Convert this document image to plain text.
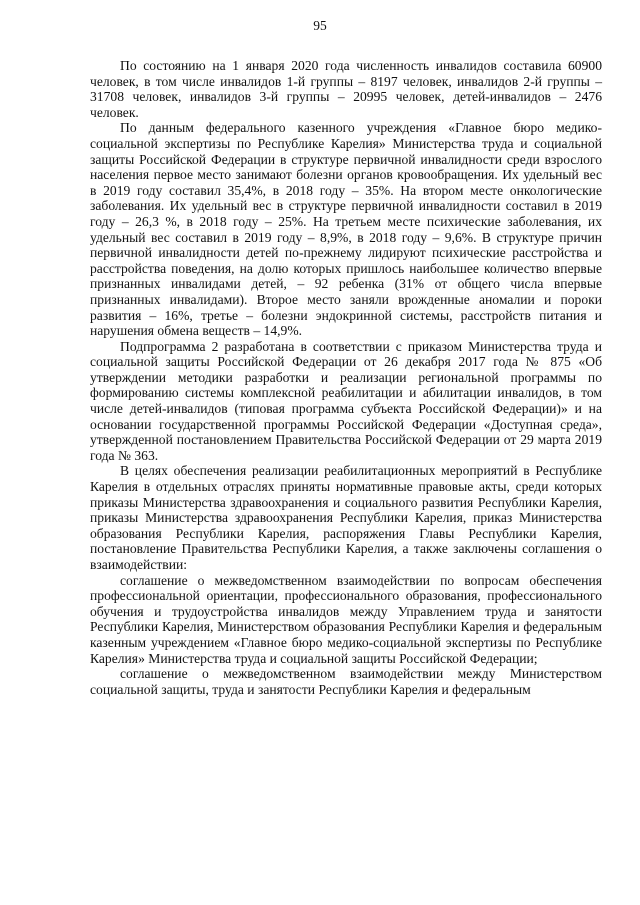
95

По состоянию на 1 января 2020 года численность инвалидов составила 60900 человек, в том числе инвалидов 1-й группы – 8197 человек, инвалидов 2-й группы – 31708 человек, инвалидов 3-й группы – 20995 человек, детей-инвалидов – 2476 человек.

По данным федерального казенного учреждения «Главное бюро медико-социальной экспертизы по Республике Карелия» Министерства труда и социальной защиты Российской Федерации в структуре первичной инвалидности среди взрослого населения первое место занимают болезни органов кровообращения. Их удельный вес в 2019 году составил 35,4%, в 2018 году – 35%. На втором месте онкологические заболевания. Их удельный вес в структуре первичной инвалидности составил в 2019 году – 26,3 %, в 2018 году – 25%. На третьем месте психические заболевания, их удельный вес составил в 2019 году – 8,9%, в 2018 году – 9,6%. В структуре причин первичной инвалидности детей по-прежнему лидируют психические расстройства и расстройства поведения, на долю которых пришлось наибольшее количество впервые признанных инвалидами детей, – 92 ребенка (31% от общего числа впервые признанных инвалидами). Второе место заняли врожденные аномалии и пороки развития – 16%, третье – болезни эндокринной системы, расстройств питания и нарушения обмена веществ – 14,9%.

Подпрограмма 2 разработана в соответствии с приказом Министерства труда и социальной защиты Российской Федерации от 26 декабря 2017 года № 875 «Об утверждении методики разработки и реализации региональной программы по формированию системы комплексной реабилитации и абилитации инвалидов, в том числе детей-инвалидов (типовая программа субъекта Российской Федерации)» и на основании государственной программы Российской Федерации «Доступная среда», утвержденной постановлением Правительства Российской Федерации от 29 марта 2019 года № 363.

В целях обеспечения реализации реабилитационных мероприятий в Республике Карелия в отдельных отраслях приняты нормативные правовые акты, среди которых приказы Министерства здравоохранения и социального развития Республики Карелия, приказы Министерства здравоохранения Республики Карелия, приказ Министерства образования Республики Карелия, распоряжения Главы Республики Карелия, постановление Правительства Республики Карелия, а также заключены соглашения о взаимодействии:

соглашение о межведомственном взаимодействии по вопросам обеспечения профессиональной ориентации, профессионального образования, профессионального обучения и трудоустройства инвалидов между Управлением труда и занятости Республики Карелия, Министерством образования Республики Карелия и федеральным казенным учреждением «Главное бюро медико-социальной экспертизы по Республике Карелия» Министерства труда и социальной защиты Российской Федерации;

соглашение о межведомственном взаимодействии между Министерством социальной защиты, труда и занятости Республики Карелия и федеральным
